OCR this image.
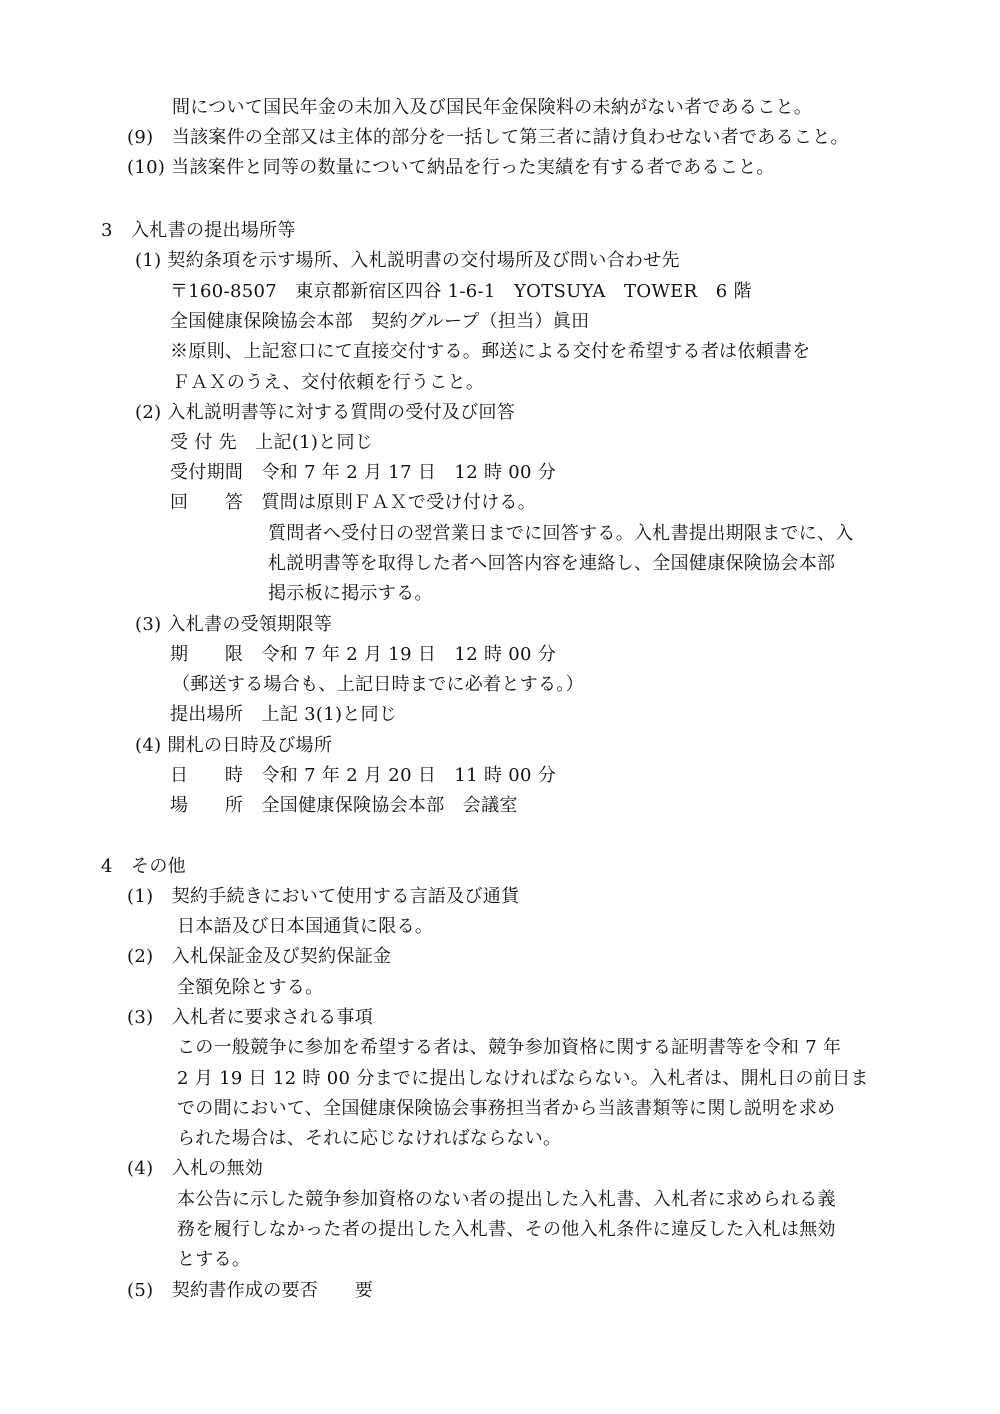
間について国民年金の未加入及び国民年金保険料の未納がない者であること。
(9)　当該案件の全部又は主体的部分を一括して第三者に請け負わせない者であること。
(10) 当該案件と同等の数量について納品を行った実績を有する者であること。
3　入札書の提出場所等
(1) 契約条項を示す場所、入札説明書の交付場所及び問い合わせ先
〒160-8507　東京都新宿区四谷 1-6-1　YOTSUYA　TOWER　6 階
全国健康保険協会本部　契約グループ（担当）眞田
※原則、上記窓口にて直接交付する。郵送による交付を希望する者は依頼書を
ＦＡＸのうえ、交付依頼を行うこと。
(2) 入札説明書等に対する質問の受付及び回答
受 付 先　上記(1)と同じ
受付期間　令和 7 年 2 月 17 日　12 時 00 分
回　　答　質問は原則ＦＡＸで受け付ける。
質問者へ受付日の翌営業日までに回答する。入札書提出期限までに、入
札説明書等を取得した者へ回答内容を連絡し、全国健康保険協会本部
掲示板に掲示する。
(3) 入札書の受領期限等
期　　限　令和 7 年 2 月 19 日　12 時 00 分
（郵送する場合も、上記日時までに必着とする。）
提出場所　上記 3(1)と同じ
(4) 開札の日時及び場所
日　　時　令和 7 年 2 月 20 日　11 時 00 分
場　　所　全国健康保険協会本部　会議室
4　その他
(1)　契約手続きにおいて使用する言語及び通貨
日本語及び日本国通貨に限る。
(2)　入札保証金及び契約保証金
全額免除とする。
(3)　入札者に要求される事項
この一般競争に参加を希望する者は、競争参加資格に関する証明書等を令和 7 年
2 月 19 日 12 時 00 分までに提出しなければならない。入札者は、開札日の前日ま
での間において、全国健康保険協会事務担当者から当該書類等に関し説明を求め
られた場合は、それに応じなければならない。
(4)　入札の無効
本公告に示した競争参加資格のない者の提出した入札書、入札者に求められる義
務を履行しなかった者の提出した入札書、その他入札条件に違反した入札は無効
とする。
(5)　契約書作成の要否　　要
